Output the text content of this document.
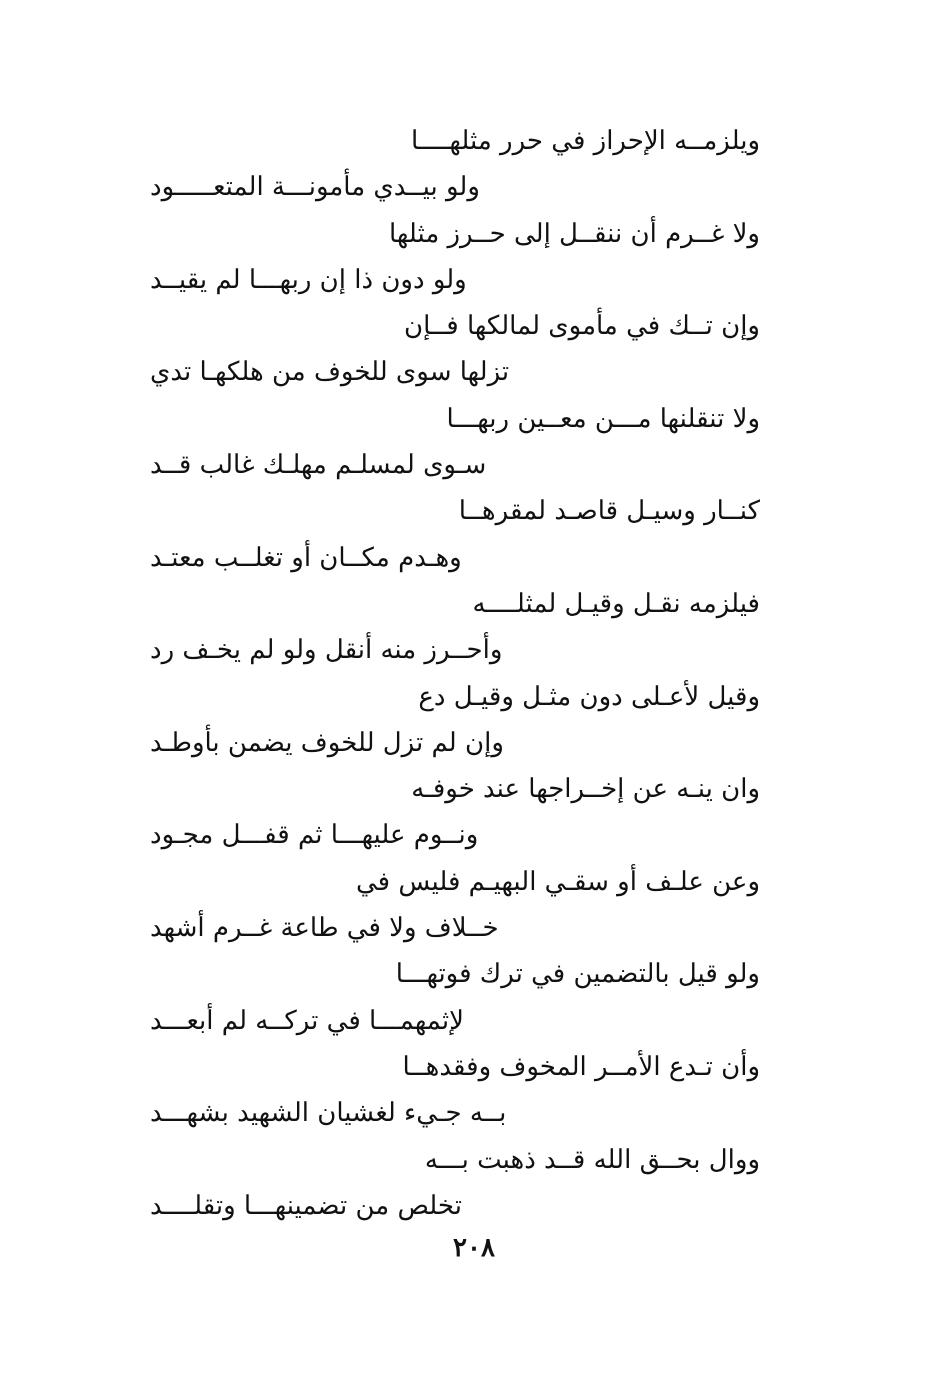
ويلزمــه الإحراز في حرر مثلهــــا
ولو بيــدي مأمونـــة المتعـــــود
ولا غــرم أن ننقــل إلى حــرز مثلها
ولو دون ذا إن ربهـــا لم يقيــد
وإن تــك في مأموى لمالكها فــإن
تزلها سوى للخوف من هلكهـا تدي
ولا تنقلنها مـــن معــين ربهـــا
سـوى لمسلـم مهلـك غالب قــد
كنــار وسيـل قاصـد لمقرهــا
وهـدم مكــان أو تغلــب معتـد
فيلزمه نقـل وقيـل لمثلــــه
وأحــرز منه أنقل ولو لم يخـف رد
وقيل لأعـلى دون مثـل وقيـل دع
وإن لم تزل للخوف يضمن بأوطـد
وان ينـه عن إخــراجها عند خوفـه
ونــوم عليهـــا ثم قفـــل مجـود
وعن علـف أو سقـي البهيـم فليس في
خــلاف ولا في طاعة غــرم أشهد
ولو قيل بالتضمين في ترك فوتهـــا
لإثمهمـــا في تركــه لم أبعـــد
وأن تـدع الأمــر المخوف وفقدهــا
بــه جـيء لغشيان الشهيد بشهـــد
ووال بحــق الله قــد ذهبت بـــه
تخلص من تضمينهـــا وتقلــــد
٢٠٨
